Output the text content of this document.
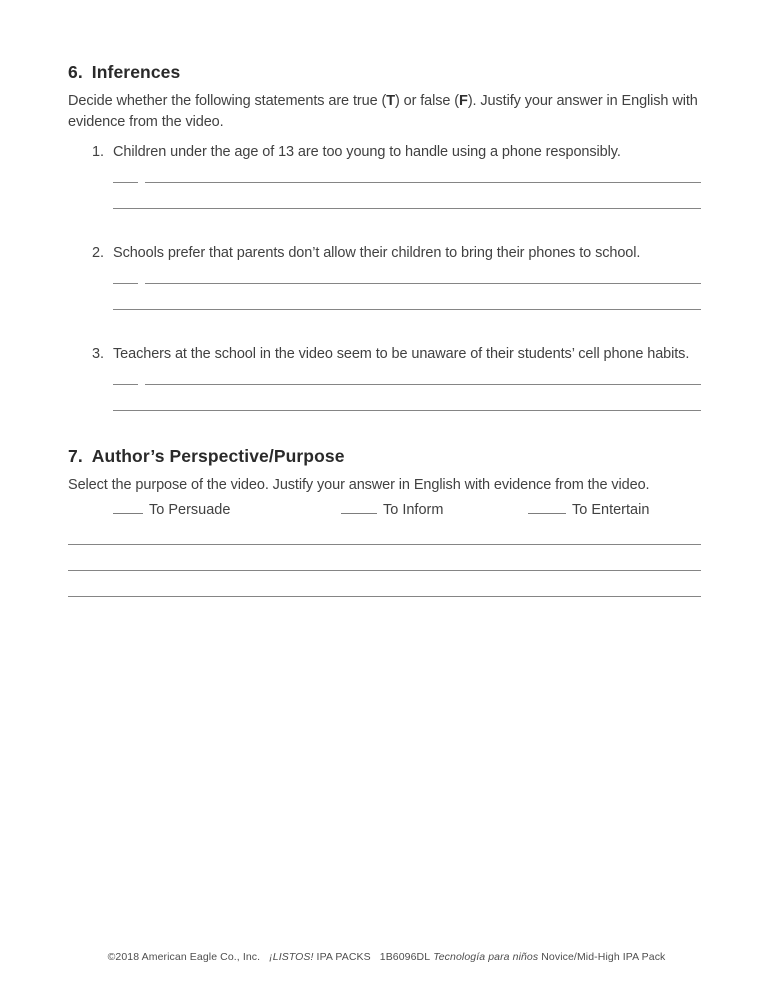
6. Inferences

Decide whether the following statements are true (T) or false (F). Justify your answer in English with evidence from the video.

1. Children under the age of 13 are too young to handle using a phone responsibly.
2. Schools prefer that parents don’t allow their children to bring their phones to school.
3. Teachers at the school in the video seem to be unaware of their students’ cell phone habits.
7. Author’s Perspective/Purpose

Select the purpose of the video. Justify your answer in English with evidence from the video.

To Persuade	To Inform	To Entertain
©2018 American Eagle Co., Inc. ¡LISTOS! IPA PACKS 1B6096DL Tecnología para niños Novice/Mid-High IPA Pack
